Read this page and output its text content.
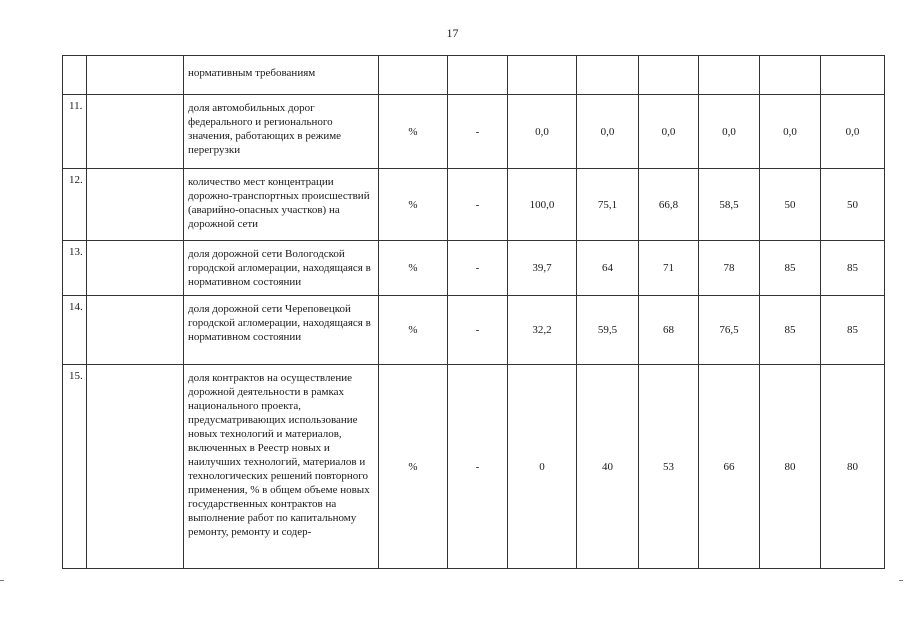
17
		нормативным требованиям								
11.		доля автомобильных дорог федерального и регионального значения, работающих в режиме перегрузки	%	-	0,0	0,0	0,0	0,0	0,0	0,0
12.		количество мест концентрации дорожно-транспортных происшествий (аварийно-опасных участков) на дорожной сети	%	-	100,0	75,1	66,8	58,5	50	50
13.		доля дорожной сети Вологодской городской агломерации, находящаяся в нормативном состоянии	%	-	39,7	64	71	78	85	85
14.		доля дорожной сети Череповецкой городской агломерации, находящаяся в нормативном состоянии	%	-	32,2	59,5	68	76,5	85	85
15.		доля контрактов на осуществление дорожной деятельности в рамках национального проекта, предусматривающих использование новых технологий и материалов, включенных в Реестр новых и наилучших технологий, материалов и технологических решений повторного применения, % в общем объеме новых государственных контрактов на выполнение работ по капитальному ремонту, ремонту и содер-	%	-	0	40	53	66	80	80
